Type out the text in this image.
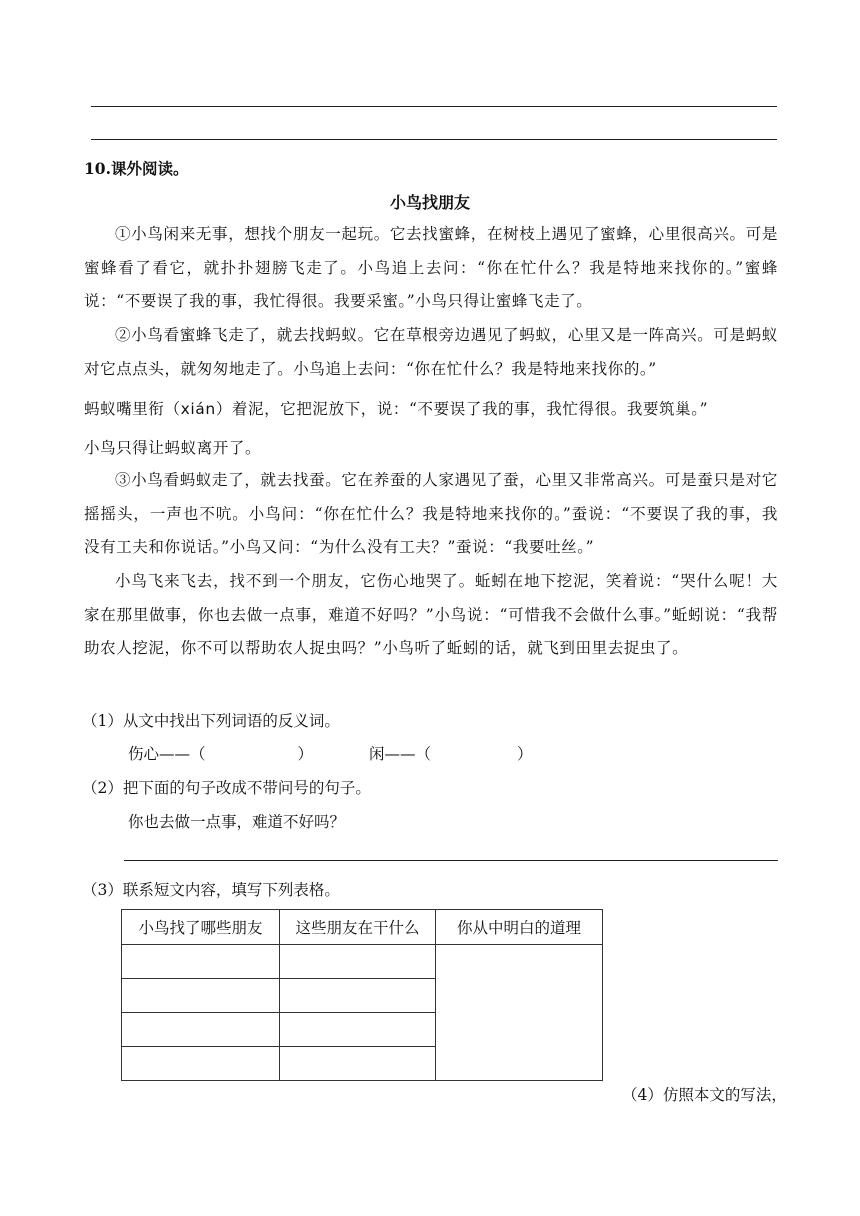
10.课外阅读。
小鸟找朋友

①小鸟闲来无事，想找个朋友一起玩。它去找蜜蜂，在树枝上遇见了蜜蜂，心里很高兴。可是蜜蜂看了看它，就扑扑翅膀飞走了。小鸟追上去问：“你在忙什么？我是特地来找你的。”蜜蜂说：“不要误了我的事，我忙得很。我要采蜜。”小鸟只得让蜜蜂飞走了。

②小鸟看蜜蜂飞走了，就去找蚂蚁。它在草根旁边遇见了蚂蚁，心里又是一阵高兴。可是蚂蚁对它点点头，就匆匆地走了。小鸟追上去问：“你在忙什么？我是特地来找你的。”

蚂蚁嘴里衔（xián）着泥，它把泥放下，说：“不要误了我的事，我忙得很。我要筑巢。”
小鸟只得让蚂蚁离开了。

③小鸟看蚂蚁走了，就去找蚕。它在养蚕的人家遇见了蚕，心里又非常高兴。可是蚕只是对它摇摇头，一声也不吭。小鸟问：“你在忙什么？我是特地来找你的。”蚕说：“不要误了我的事，我没有工夫和你说话。”小鸟又问：“为什么没有工夫？”蚕说：“我要吐丝。”

小鸟飞来飞去，找不到一个朋友，它伤心地哭了。蚯蚓在地下挖泥，笑着说：“哭什么呢！大家在那里做事，你也去做一点事，难道不好吗？”小鸟说：“可惜我不会做什么事。”蚯蚓说：“我帮助农人挖泥，你不可以帮助农人捉虫吗？”小鸟听了蚯蚓的话，就飞到田里去捉虫了。

（1）从文中找出下列词语的反义词。
伤心——（	）	闲——（	）
（2）把下面的句子改成不带问号的句子。
你也去做一点事，难道不好吗？
（3）联系短文内容，填写下列表格。
小鸟找了哪些朋友	这些朋友在干什么	你从中明白的道理

（4）仿照本文的写法，
